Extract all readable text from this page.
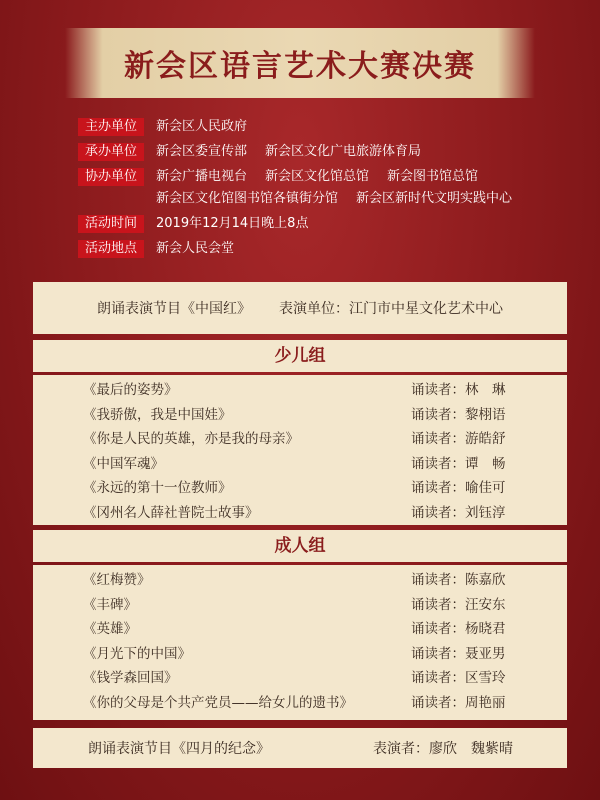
新会区语言艺术大赛决赛
主办单位	新会区人民政府
承办单位	新会区委宣传部 新会区文化广电旅游体育局
协办单位	新会广播电视台 新会区文化馆总馆 新会图书馆总馆
新会区文化馆图书馆各镇街分馆 新会区新时代文明实践中心
活动时间	2019年12月14日晚上8点
活动地点	新会人民会堂
朗诵表演节目《中国红》 表演单位：江门市中星文化艺术中心
少儿组
《最后的姿势》	诵读者：林　琳
《我骄傲，我是中国娃》	诵读者：黎栩语
《你是人民的英雄，亦是我的母亲》	诵读者：游皓舒
《中国军魂》	诵读者：谭　畅
《永远的第十一位教师》	诵读者：喻佳可
《冈州名人薛社普院士故事》	诵读者：刘钰淳
成人组
《红梅赞》	诵读者：陈嘉欣
《丰碑》	诵读者：汪安东
《英雄》	诵读者：杨晓君
《月光下的中国》	诵读者：聂亚男
《钱学森回国》	诵读者：区雪玲
《你的父母是个共产党员——给女儿的遗书》	诵读者：周艳丽
朗诵表演节目《四月的纪念》	表演者：廖欣　魏紫晴
